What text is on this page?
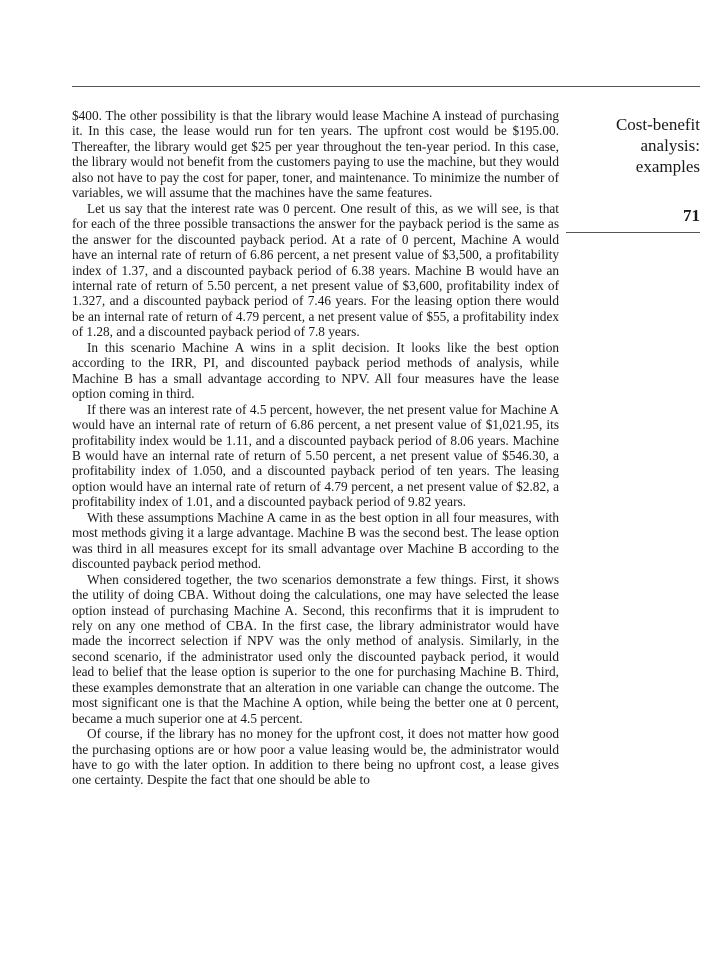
$400. The other possibility is that the library would lease Machine A instead of purchasing it. In this case, the lease would run for ten years. The upfront cost would be $195.00. Thereafter, the library would get $25 per year throughout the ten-year period. In this case, the library would not benefit from the customers paying to use the machine, but they would also not have to pay the cost for paper, toner, and maintenance. To minimize the number of variables, we will assume that the machines have the same features.

Let us say that the interest rate was 0 percent. One result of this, as we will see, is that for each of the three possible transactions the answer for the payback period is the same as the answer for the discounted payback period. At a rate of 0 percent, Machine A would have an internal rate of return of 6.86 percent, a net present value of $3,500, a profitability index of 1.37, and a discounted payback period of 6.38 years. Machine B would have an internal rate of return of 5.50 percent, a net present value of $3,600, profitability index of 1.327, and a discounted payback period of 7.46 years. For the leasing option there would be an internal rate of return of 4.79 percent, a net present value of $55, a profitability index of 1.28, and a discounted payback period of 7.8 years.

In this scenario Machine A wins in a split decision. It looks like the best option according to the IRR, PI, and discounted payback period methods of analysis, while Machine B has a small advantage according to NPV. All four measures have the lease option coming in third.

If there was an interest rate of 4.5 percent, however, the net present value for Machine A would have an internal rate of return of 6.86 percent, a net present value of $1,021.95, its profitability index would be 1.11, and a discounted payback period of 8.06 years. Machine B would have an internal rate of return of 5.50 percent, a net present value of $546.30, a profitability index of 1.050, and a discounted payback period of ten years. The leasing option would have an internal rate of return of 4.79 percent, a net present value of $2.82, a profitability index of 1.01, and a discounted payback period of 9.82 years.

With these assumptions Machine A came in as the best option in all four measures, with most methods giving it a large advantage. Machine B was the second best. The lease option was third in all measures except for its small advantage over Machine B according to the discounted payback period method.

When considered together, the two scenarios demonstrate a few things. First, it shows the utility of doing CBA. Without doing the calculations, one may have selected the lease option instead of purchasing Machine A. Second, this reconfirms that it is imprudent to rely on any one method of CBA. In the first case, the library administrator would have made the incorrect selection if NPV was the only method of analysis. Similarly, in the second scenario, if the administrator used only the discounted payback period, it would lead to belief that the lease option is superior to the one for purchasing Machine B. Third, these examples demonstrate that an alteration in one variable can change the outcome. The most significant one is that the Machine A option, while being the better one at 0 percent, became a much superior one at 4.5 percent.

Of course, if the library has no money for the upfront cost, it does not matter how good the purchasing options are or how poor a value leasing would be, the administrator would have to go with the later option. In addition to there being no upfront cost, a lease gives one certainty. Despite the fact that one should be able to

Cost-benefit
analysis:
examples
71
